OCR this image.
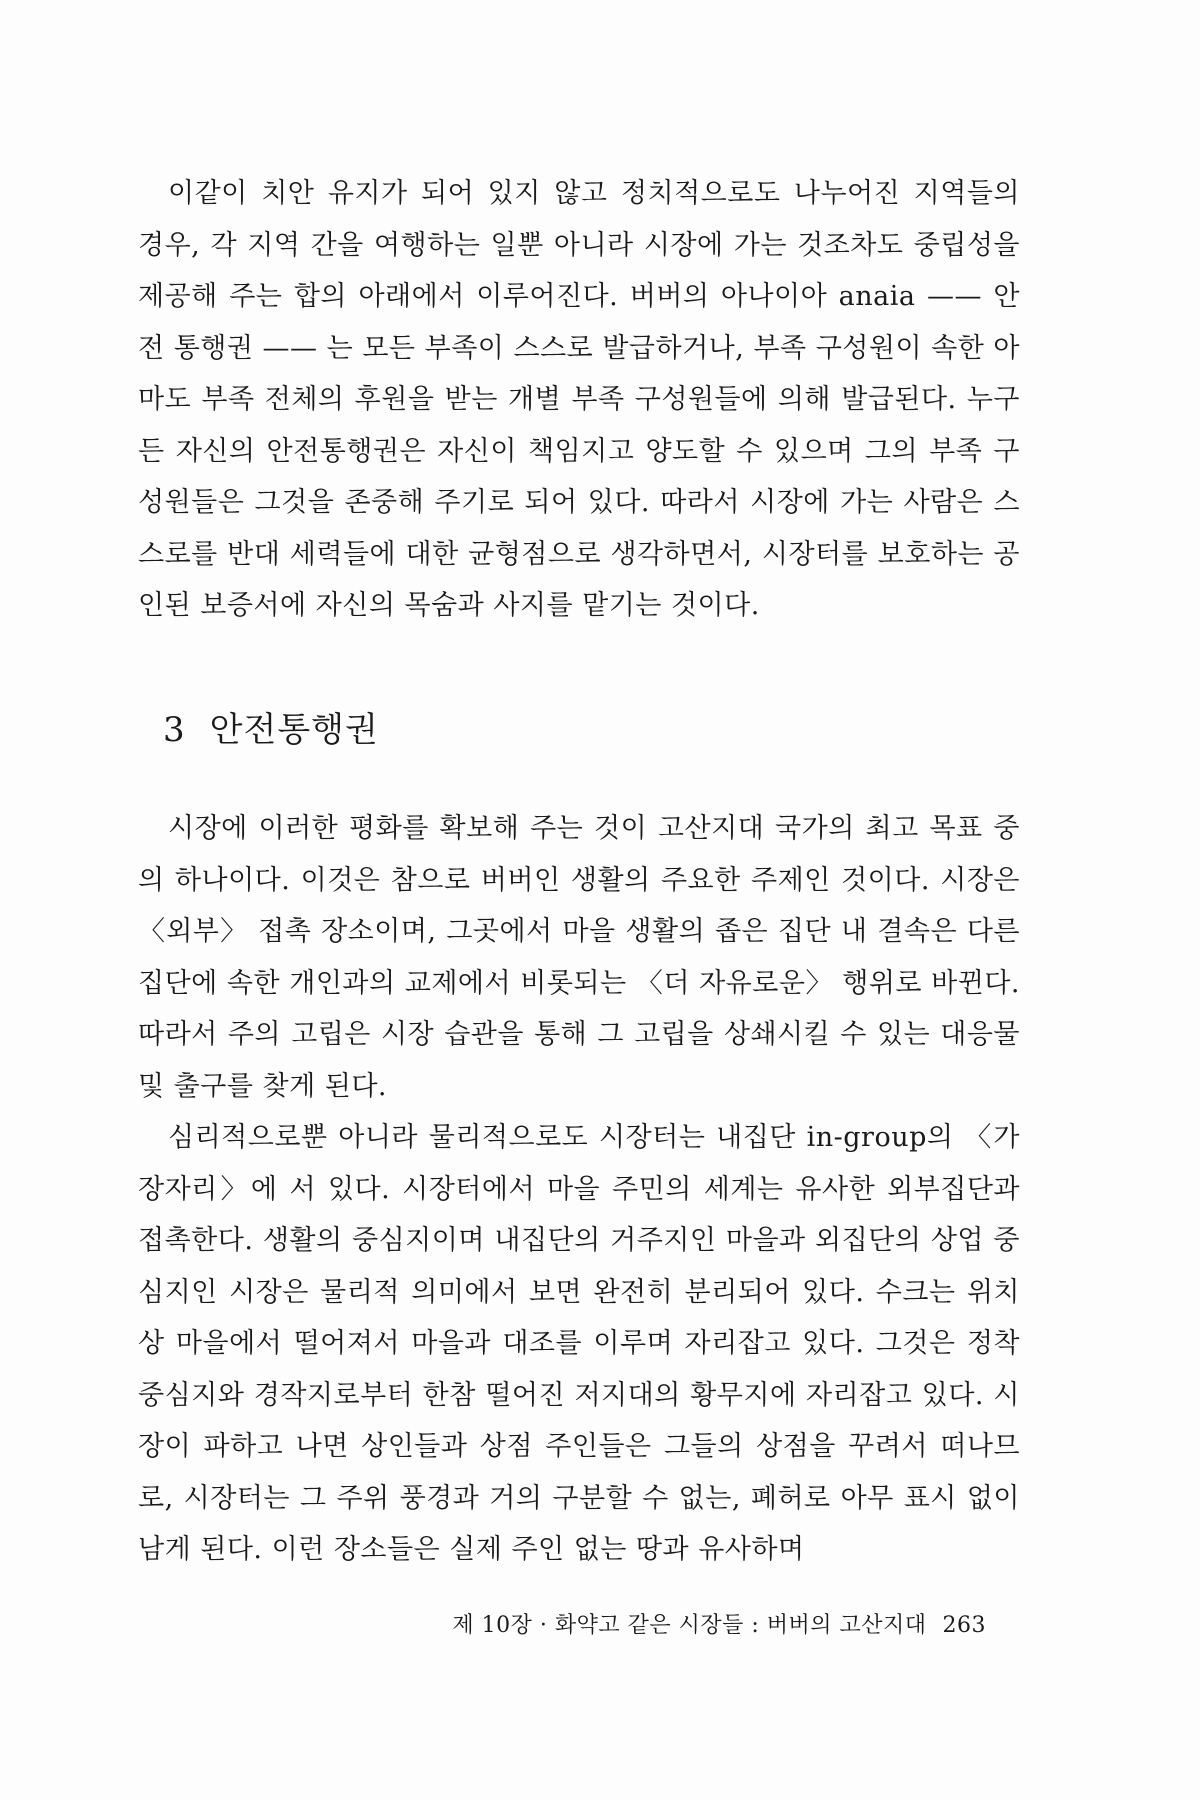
이같이 치안 유지가 되어 있지 않고 정치적으로도 나누어진 지역들의 경우, 각 지역 간을 여행하는 일뿐 아니라 시장에 가는 것조차도 중립성을 제공해 주는 합의 아래에서 이루어진다. 버버의 아나이아 anaia —— 안전 통행권 —— 는 모든 부족이 스스로 발급하거나, 부족 구성원이 속한 아마도 부족 전체의 후원을 받는 개별 부족 구성원들에 의해 발급된다. 누구든 자신의 안전통행권은 자신이 책임지고 양도할 수 있으며 그의 부족 구성원들은 그것을 존중해 주기로 되어 있다. 따라서 시장에 가는 사람은 스스로를 반대 세력들에 대한 균형점으로 생각하면서, 시장터를 보호하는 공인된 보증서에 자신의 목숨과 사지를 맡기는 것이다.

3 안전통행권

시장에 이러한 평화를 확보해 주는 것이 고산지대 국가의 최고 목표 중의 하나이다. 이것은 참으로 버버인 생활의 주요한 주제인 것이다. 시장은 〈외부〉 접촉 장소이며, 그곳에서 마을 생활의 좁은 집단 내 결속은 다른 집단에 속한 개인과의 교제에서 비롯되는 〈더 자유로운〉 행위로 바뀐다. 따라서 주의 고립은 시장 습관을 통해 그 고립을 상쇄시킬 수 있는 대응물 및 출구를 찾게 된다.

심리적으로뿐 아니라 물리적으로도 시장터는 내집단 in-group의 〈가장자리〉에 서 있다. 시장터에서 마을 주민의 세계는 유사한 외부집단과 접촉한다. 생활의 중심지이며 내집단의 거주지인 마을과 외집단의 상업 중심지인 시장은 물리적 의미에서 보면 완전히 분리되어 있다. 수크는 위치상 마을에서 떨어져서 마을과 대조를 이루며 자리잡고 있다. 그것은 정착 중심지와 경작지로부터 한참 떨어진 저지대의 황무지에 자리잡고 있다. 시장이 파하고 나면 상인들과 상점 주인들은 그들의 상점을 꾸려서 떠나므로, 시장터는 그 주위 풍경과 거의 구분할 수 없는, 폐허로 아무 표시 없이 남게 된다. 이런 장소들은 실제 주인 없는 땅과 유사하며

제 10장 · 화약고 같은 시장들 : 버버의 고산지대 263
